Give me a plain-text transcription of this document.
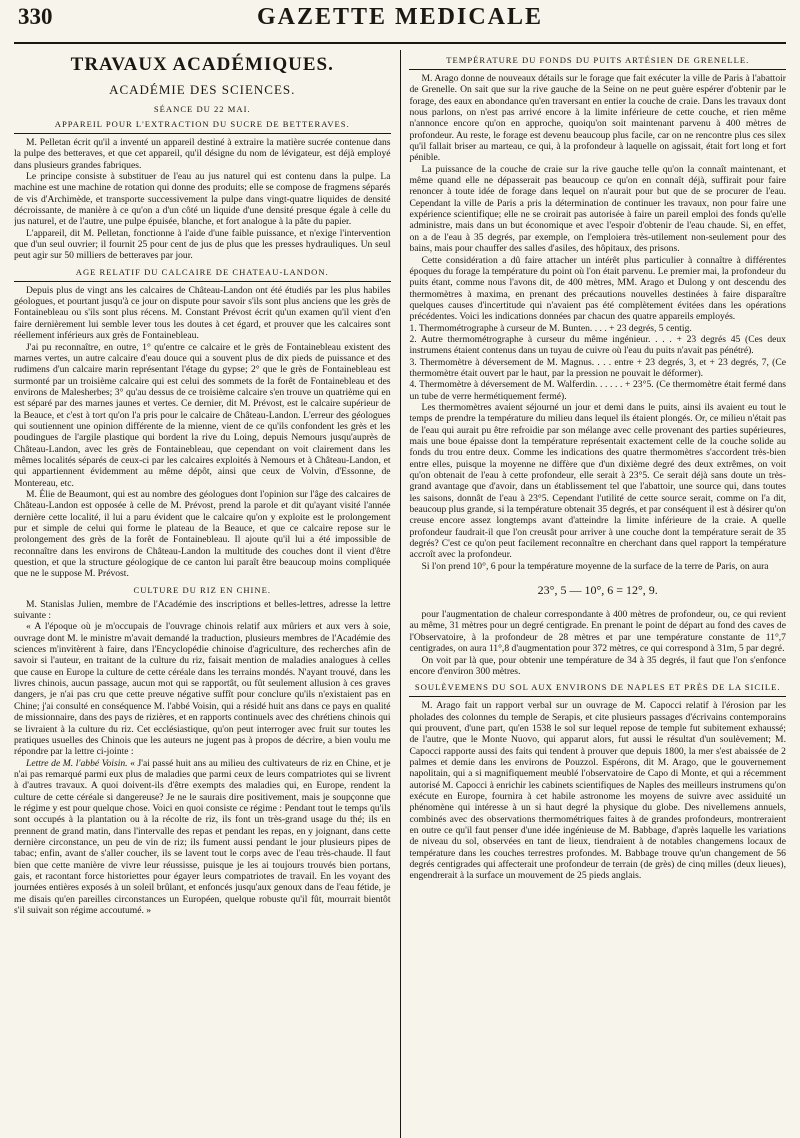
330	GAZETTE MEDICALE
TRAVAUX ACADÉMIQUES.
ACADÉMIE DES SCIENCES.
SÉANCE DU 22 MAI.
APPAREIL POUR L'EXTRACTION DU SUCRE DE BETTERAVES.

M. Pelletan écrit qu'il a inventé un appareil destiné à extraire la matière sucrée contenue dans la pulpe des betteraves, et que cet appareil, qu'il désigne du nom de lévigateur, est déjà employé dans plusieurs grandes fabriques.

Le principe consiste à substituer de l'eau au jus naturel qui est contenu dans la pulpe. La machine est une machine de rotation qui donne des produits; elle se compose de fragmens séparés de vis d'Archimède, et transporte successivement la pulpe dans vingt-quatre liquides de densité décroissante, de manière à ce qu'on a d'un côté un liquide d'une densité presque égale à celle du jus naturel, et de l'autre, une pulpe épuisée, blanche, et fort analogue à la pâte du papier.

L'appareil, dit M. Pelletan, fonctionne à l'aide d'une faible puissance, et n'exige l'intervention que d'un seul ouvrier; il fournit 25 pour cent de jus de plus que les presses hydrauliques. Un seul peut agir sur 50 milliers de betteraves par jour.

AGE RELATIF DU CALCAIRE DE CHATEAU-LANDON.

Depuis plus de vingt ans les calcaires de Château-Landon ont été étudiés par les plus habiles géologues, et pourtant jusqu'à ce jour on dispute pour savoir s'ils sont plus anciens que les grès de Fontainebleau ou s'ils sont plus récens. M. Constant Prévost écrit qu'un examen qu'il vient d'en faire dernièrement lui semble lever tous les doutes à cet égard, et prouver que les calcaires sont réellement inférieurs aux grès de Fontainebleau.

J'ai pu reconnaître, en outre, 1° qu'entre ce calcaire et le grès de Fontainebleau existent des marnes vertes, un autre calcaire d'eau douce qui a souvent plus de dix pieds de puissance et des rudimens d'un calcaire marin représentant l'étage du gypse; 2° que le grès de Fontainebleau est surmonté par un troisième calcaire qui est celui des sommets de la forêt de Fontainebleau et des environs de Malesherbes; 3° qu'au dessus de ce troisième calcaire s'en trouve un quatrième qui en est séparé par des marnes jaunes et vertes. Ce dernier, dit M. Prévost, est le calcaire supérieur de la Beauce, et c'est à tort qu'on l'a pris pour le calcaire de Château-Landon. L'erreur des géologues qui soutiennent une opinion différente de la mienne, vient de ce qu'ils confondent les grès et les poudingues de l'argile plastique qui bordent la rive du Loing, depuis Nemours jusqu'auprès de Château-Landon, avec les grès de Fontainebleau, que cependant on voit clairement dans les mêmes localités séparés de ceux-ci par les calcaires exploités à Nemours et à Château-Landon, et qui appartiennent évidemment au même dépôt, ainsi que ceux de Volvin, d'Essonne, de Montereau, etc.

M. Élie de Beaumont, qui est au nombre des géologues dont l'opinion sur l'âge des calcaires de Château-Landon est opposée à celle de M. Prévost, prend la parole et dit qu'ayant visité l'année dernière cette localité, il lui a paru évident que le calcaire qu'on y exploite est le prolongement pur et simple de celui qui forme le plateau de la Beauce, et que ce calcaire repose sur le prolongement des grès de la forêt de Fontainebleau. Il ajoute qu'il lui a été impossible de reconnaître dans les environs de Château-Landon la multitude des couches dont il vient d'être question, et que la structure géologique de ce canton lui paraît être beaucoup moins compliquée que ne le suppose M. Prévost.

CULTURE DU RIZ EN CHINE.

M. Stanislas Julien, membre de l'Académie des inscriptions et belles-lettres, adresse la lettre suivante :

« A l'époque où je m'occupais de l'ouvrage chinois relatif aux mûriers et aux vers à soie, ouvrage dont M. le ministre m'avait demandé la traduction, plusieurs membres de l'Académie des sciences m'invitèrent à faire, dans l'Encyclopédie chinoise d'agriculture, des recherches afin de savoir si l'auteur, en traitant de la culture du riz, faisait mention de maladies analogues à celles que cause en Europe la culture de cette céréale dans les terrains mondés. N'ayant trouvé, dans les livres chinois, aucun passage, aucun mot qui se rapportât, ou fût seulement allusion à ces graves dangers, je n'ai pas cru que cette preuve négative suffît pour conclure qu'ils n'existaient pas en Chine; j'ai consulté en conséquence M. l'abbé Voisin, qui a résidé huit ans dans ce pays en qualité de missionnaire, dans des pays de rizières, et en rapports continuels avec des chrétiens chinois qui se livraient à la culture du riz. Cet ecclésiastique, qu'on peut interroger avec fruit sur toutes les pratiques usuelles des Chinois que les auteurs ne jugent pas à propos de décrire, a bien voulu me répondre par la lettre ci-jointe :

Lettre de M. l'abbé Voisin. « J'ai passé huit ans au milieu des cultivateurs de riz en Chine, et je n'ai pas remarqué parmi eux plus de maladies que parmi ceux de leurs compatriotes qui se livrent à d'autres travaux. A quoi doivent-ils d'être exempts des maladies qui, en Europe, rendent la culture de cette céréale si dangereuse? Je ne le saurais dire positivement, mais je soupçonne que le régime y est pour quelque chose. Voici en quoi consiste ce régime : Pendant tout le temps qu'ils sont occupés à la plantation ou à la récolte de riz, ils font un très-grand usage du thé; ils en prennent de grand matin, dans l'intervalle des repas et pendant les repas, en y joignant, dans cette dernière circonstance, un peu de vin de riz; ils fument aussi pendant le jour plusieurs pipes de tabac; enfin, avant de s'aller coucher, ils se lavent tout le corps avec de l'eau très-chaude. Il faut bien que cette manière de vivre leur réussisse, puisque je les ai toujours trouvés bien portans, gais, et racontant force historiettes pour égayer leurs compatriotes de travail. En les voyant des journées entières exposés à un soleil brûlant, et enfoncés jusqu'aux genoux dans de l'eau fétide, je me disais qu'en pareilles circonstances un Européen, quelque robuste qu'il fût, mourrait bientôt s'il suivait son régime accoutumé. »

TEMPÉRATURE DU FONDS DU PUITS ARTÉSIEN DE GRENELLE.

M. Arago donne de nouveaux détails sur le forage que fait exécuter la ville de Paris à l'abattoir de Grenelle. On sait que sur la rive gauche de la Seine on ne peut guère espérer d'obtenir par le forage, des eaux en abondance qu'en traversant en entier la couche de craie. Dans les travaux dont nous parlons, on n'est pas arrivé encore à la limite inférieure de cette couche, et rien même n'annonce encore qu'on en approche, quoiqu'on soit maintenant parvenu à 400 mètres de profondeur. Au reste, le forage est devenu beaucoup plus facile, car on ne rencontre plus ces silex qu'il fallait briser au marteau, ce qui, à la profondeur à laquelle on agissait, était fort long et fort pénible.

La puissance de la couche de craie sur la rive gauche telle qu'on la connaît maintenant, et même quand elle ne dépasserait pas beaucoup ce qu'on en connaît déjà, suffirait pour faire renoncer à toute idée de forage dans lequel on n'aurait pour but que de se procurer de l'eau. Cependant la ville de Paris a pris la détermination de continuer les travaux, non pour faire une expérience scientifique; elle ne se croirait pas autorisée à faire un pareil emploi des fonds qu'elle administre, mais dans un but économique et avec l'espoir d'obtenir de l'eau chaude. Si, en effet, on a de l'eau à 35 degrés, par exemple, on l'emploiera très-utilement non-seulement pour des bains, mais pour chauffer des salles d'asiles, des hôpitaux, des prisons.

Cette considération a dû faire attacher un intérêt plus particulier à connaître à différentes époques du forage la température du point où l'on était parvenu. Le premier mai, la profondeur du puits étant, comme nous l'avons dit, de 400 mètres, MM. Arago et Dulong y ont descendu des thermomètres à maxima, en prenant des précautions nouvelles destinées à faire disparaître quelques causes d'incertitude qui n'avaient pas été complètement évitées dans les opérations précédentes. Voici les indications données par chacun des quatre appareils employés.

1. Thermométrographe à curseur de M. Bunten. . . . + 23 degrés, 5 centig.

2. Autre thermométrographe à curseur du même ingénieur. . . . + 23 degrés 45 (Ces deux instrumens étaient contenus dans un tuyau de cuivre où l'eau du puits n'avait pas pénétré).

3. Thermomètre à déversement de M. Magnus. . . . entre + 23 degrés, 3, et + 23 degrés, 7, (Ce thermomètre était ouvert par le haut, par la pression ne pouvait le déformer).

4. Thermomètre à déversement de M. Walferdin. . . . . . + 23°5. (Ce thermomètre était fermé dans un tube de verre hermétiquement fermé).

Les thermomètres avaient séjourné un jour et demi dans le puits, ainsi ils avaient eu tout le temps de prendre la température du milieu dans lequel ils étaient plongés. Or, ce milieu n'était pas de l'eau qui aurait pu être refroidie par son mélange avec celle provenant des parties supérieures, mais une boue épaisse dont la température représentait exactement celle de la couche solide au fonds du trou entre deux. Comme les indications des quatre thermomètres s'accordent très-bien entre elles, puisque la moyenne ne diffère que d'un dixième degré des deux extrêmes, on voit qu'on obtenait de l'eau à cette profondeur, elle serait à 23°5. Ce serait déjà sans doute un très-grand avantage que d'avoir, dans un établissement tel que l'abattoir, une source qui, dans toutes les saisons, donnât de l'eau à 23°5. Cependant l'utilité de cette source serait, comme on l'a dit, beaucoup plus grande, si la température obtenait 35 degrés, et par conséquent il est à désirer qu'on creuse encore assez longtemps avant d'atteindre la limite inférieure de la craie. A quelle profondeur faudrait-il que l'on creusât pour arriver à une couche dont la température serait de 35 degrés? C'est ce qu'on peut facilement reconnaître en cherchant dans quel rapport la température accroît avec la profondeur.

Si l'on prend 10°, 6 pour la température moyenne de la surface de la terre de Paris, on aura

23°, 5 — 10°, 6 = 12°, 9.

pour l'augmentation de chaleur correspondante à 400 mètres de profondeur, ou, ce qui revient au même, 31 mètres pour un degré centigrade. En prenant le point de départ au fond des caves de l'Observatoire, à la profondeur de 28 mètres et par une température constante de 11°,7 centigrades, on aura 11°,8 d'augmentation pour 372 mètres, ce qui correspond à 31m, 5 par degré.

On voit par là que, pour obtenir une température de 34 à 35 degrés, il faut que l'on s'enfonce encore d'environ 300 mètres.

SOULÈVEMENS DU SOL AUX ENVIRONS DE NAPLES ET PRÈS DE LA SICILE.

M. Arago fait un rapport verbal sur un ouvrage de M. Capocci relatif à l'érosion par les pholades des colonnes du temple de Serapis, et cite plusieurs passages d'écrivains contemporains qui prouvent, d'une part, qu'en 1538 le sol sur lequel repose de temple fut subitement exhaussé; de l'autre, que le Monte Nuovo, qui apparut alors, fut aussi le résultat d'un soulèvement; M. Capocci rapporte aussi des faits qui tendent à prouver que depuis 1800, la mer s'est abaissée de 2 palmes et demie dans les environs de Pouzzol. Espérons, dit M. Arago, que le gouvernement napolitain, qui a si magnifiquement meublé l'observatoire de Capo di Monte, et qui a récemment autorisé M. Capocci à enrichir les cabinets scientifiques de Naples des meilleurs instrumens qu'on exécute en Europe, fournira à cet habile astronome les moyens de suivre avec assiduité un phénomène qui intéresse à un si haut degré la physique du globe. Des nivellemens annuels, combinés avec des observations thermométriques faites à de grandes profondeurs, montreraient en outre ce qu'il faut penser d'une idée ingénieuse de M. Babbage, d'après laquelle les variations de niveau du sol, observées en tant de lieux, tiendraient à de notables changemens locaux de température dans les couches terrestres profondes. M. Babbage trouve qu'un changement de 56 degrés centigrades qui affecterait une profondeur de terrain (de grès) de cinq milles (deux lieues), engendrerait à la surface un mouvement de 25 pieds anglais.
